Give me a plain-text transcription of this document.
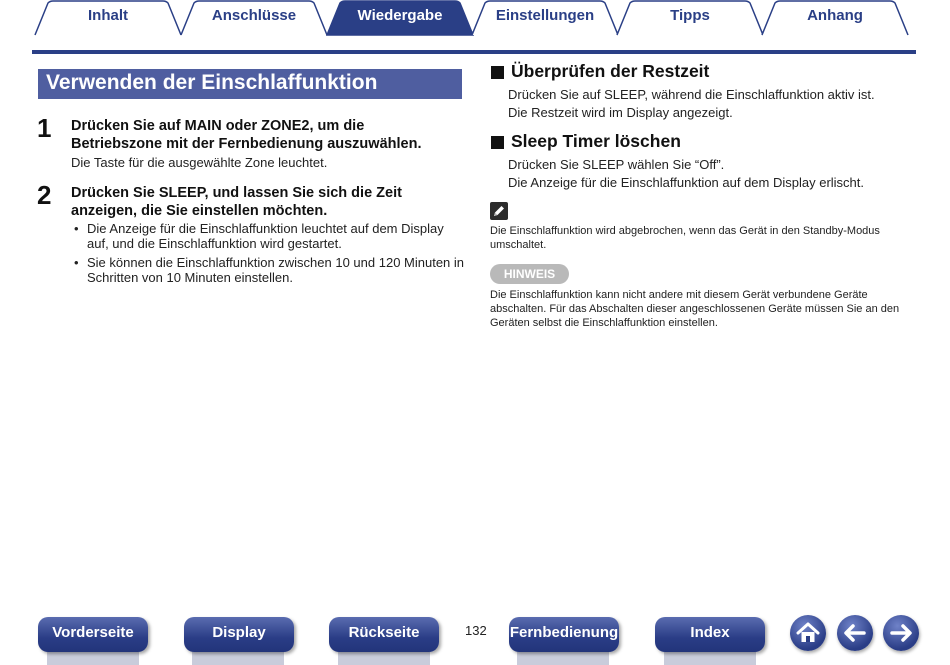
Inhalt	Anschlüsse	Wiedergabe	Einstellungen	Tipps	Anhang
Verwenden der Einschlaffunktion
1 Drücken Sie auf MAIN oder ZONE2, um die
Betriebszone mit der Fernbedienung auszuwählen.
Die Taste für die ausgewählte Zone leuchtet.
2 Drücken Sie SLEEP, und lassen Sie sich die Zeit
anzeigen, die Sie einstellen möchten.
• Die Anzeige für die Einschlaffunktion leuchtet auf dem Display
auf, und die Einschlaffunktion wird gestartet.
• Sie können die Einschlaffunktion zwischen 10 und 120 Minuten in
Schritten von 10 Minuten einstellen.
Überprüfen der Restzeit
Drücken Sie auf SLEEP, während die Einschlaffunktion aktiv ist.
Die Restzeit wird im Display angezeigt.
Sleep Timer löschen
Drücken Sie SLEEP wählen Sie “Off”.
Die Anzeige für die Einschlaffunktion auf dem Display erlischt.
Die Einschlaffunktion wird abgebrochen, wenn das Gerät in den Standby-Modus
umschaltet.
HINWEIS
Die Einschlaffunktion kann nicht andere mit diesem Gerät verbundene Geräte
abschalten. Für das Abschalten dieser angeschlossenen Geräte müssen Sie an den
Geräten selbst die Einschlaffunktion einstellen.
Vorderseite	Display	Rückseite	132 Fernbedienung	Index
